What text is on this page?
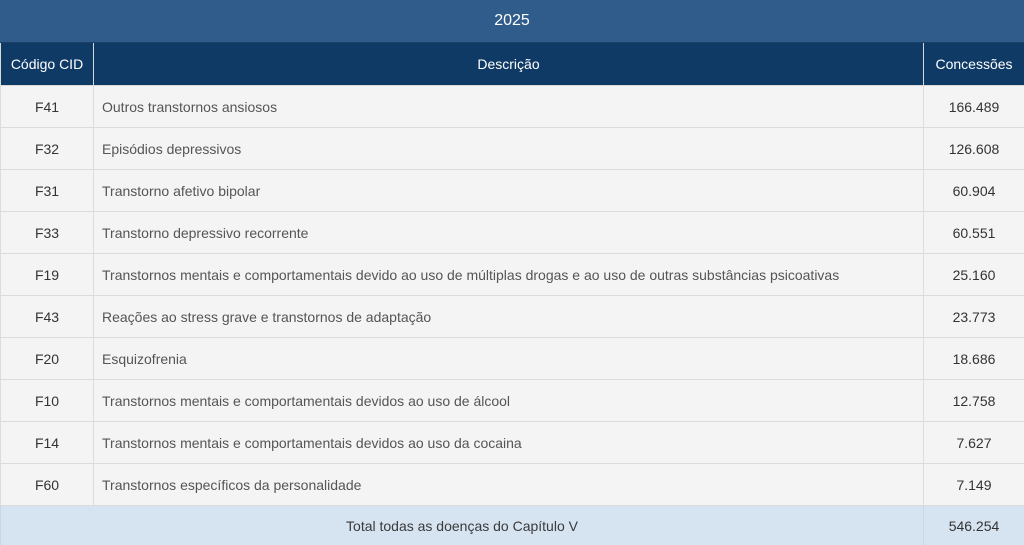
2025
Código CID	Descrição	Concessões
F41	Outros transtornos ansiosos	166.489
F32	Episódios depressivos	126.608
F31	Transtorno afetivo bipolar	60.904
F33	Transtorno depressivo recorrente	60.551
F19	Transtornos mentais e comportamentais devido ao uso de múltiplas drogas e ao uso de outras substâncias psicoativas	25.160
F43	Reações ao stress grave e transtornos de adaptação	23.773
F20	Esquizofrenia	18.686
F10	Transtornos mentais e comportamentais devidos ao uso de álcool	12.758
F14	Transtornos mentais e comportamentais devidos ao uso da cocaina	7.627
F60	Transtornos específicos da personalidade	7.149
Total todas as doenças do Capítulo V		546.254
